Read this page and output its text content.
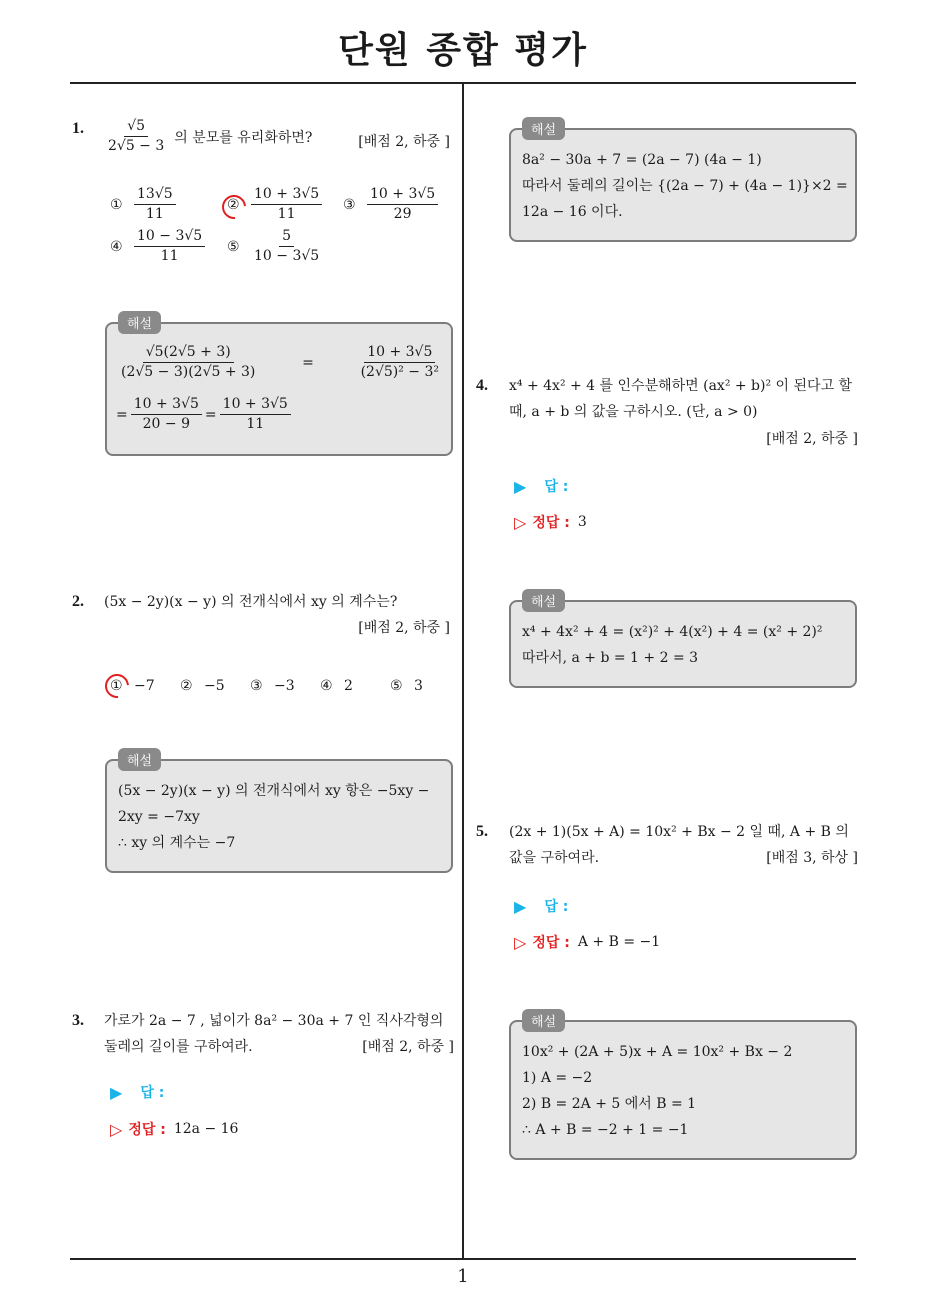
단원 종합 평가
1
1. $\frac{√5}{2√5 - 3}$ 의 분모를 유리화하면?	[배점 2, 하중 ]
① $\frac{13√5}{11}$	② $\frac{10 + 3√5}{11}$ ③ $\frac{10 + 3√5}{29}$
④ $\frac{10 - 3√5}{11}$ ⑤ $\frac{5}{10 - 3√5}$
해설
$\frac{√5(2√5 + 3)}{(2√5 - 3)(2√5 + 3)}$	=	$\frac{10 + 3√5}{\text{(2√5)² − 3²}}$
= $\frac{10 + 3√5}{20 - 9} = \frac{10 + 3√5}{11}$
2. (5x − 2y)(x − y) 의 전개식에서 xy 의 계수는?
[배점 2, 하중 ]
① −7 ② −5 ③ −3 ④ 2	⑤ 3
해설
(5x − 2y)(x − y) 의 전개식에서 xy 항은 −5xy −
2xy = −7xy
∴ xy 의 계수는 −7
3. 가로가 2a − 7 , 넓이가 8a² − 30a + 7 인 직사각형의
둘레의 길이를 구하여라.	[배점 2, 하중 ]
▶ 답 :
▷ 정답 : 12a − 16
해설
8a² − 30a + 7 = (2a − 7) (4a − 1)
따라서 둘레의 길이는 {(2a − 7) + (4a − 1)}×2 =
12a − 16 이다.
4. x⁴ + 4x² + 4 를 인수분해하면 (ax² + b)² 이 된다고 할
때, a + b 의 값을 구하시오. (단, a > 0)
[배점 2, 하중 ]
▶ 답 :
▷ 정답 : 3
해설
x⁴ + 4x² + 4 = (x²)² + 4(x²) + 4 = (x² + 2)²
따라서, a + b = 1 + 2 = 3
5. (2x + 1)(5x + A) = 10x² + Bx − 2 일 때, A + B 의
값을 구하여라.	[배점 3, 하상 ]
▶ 답 :
▷ 정답 : A + B = −1
해설
10x² + (2A + 5)x + A = 10x² + Bx − 2
1) A = −2
2) B = 2A + 5 에서 B = 1
∴ A + B = −2 + 1 = −1
